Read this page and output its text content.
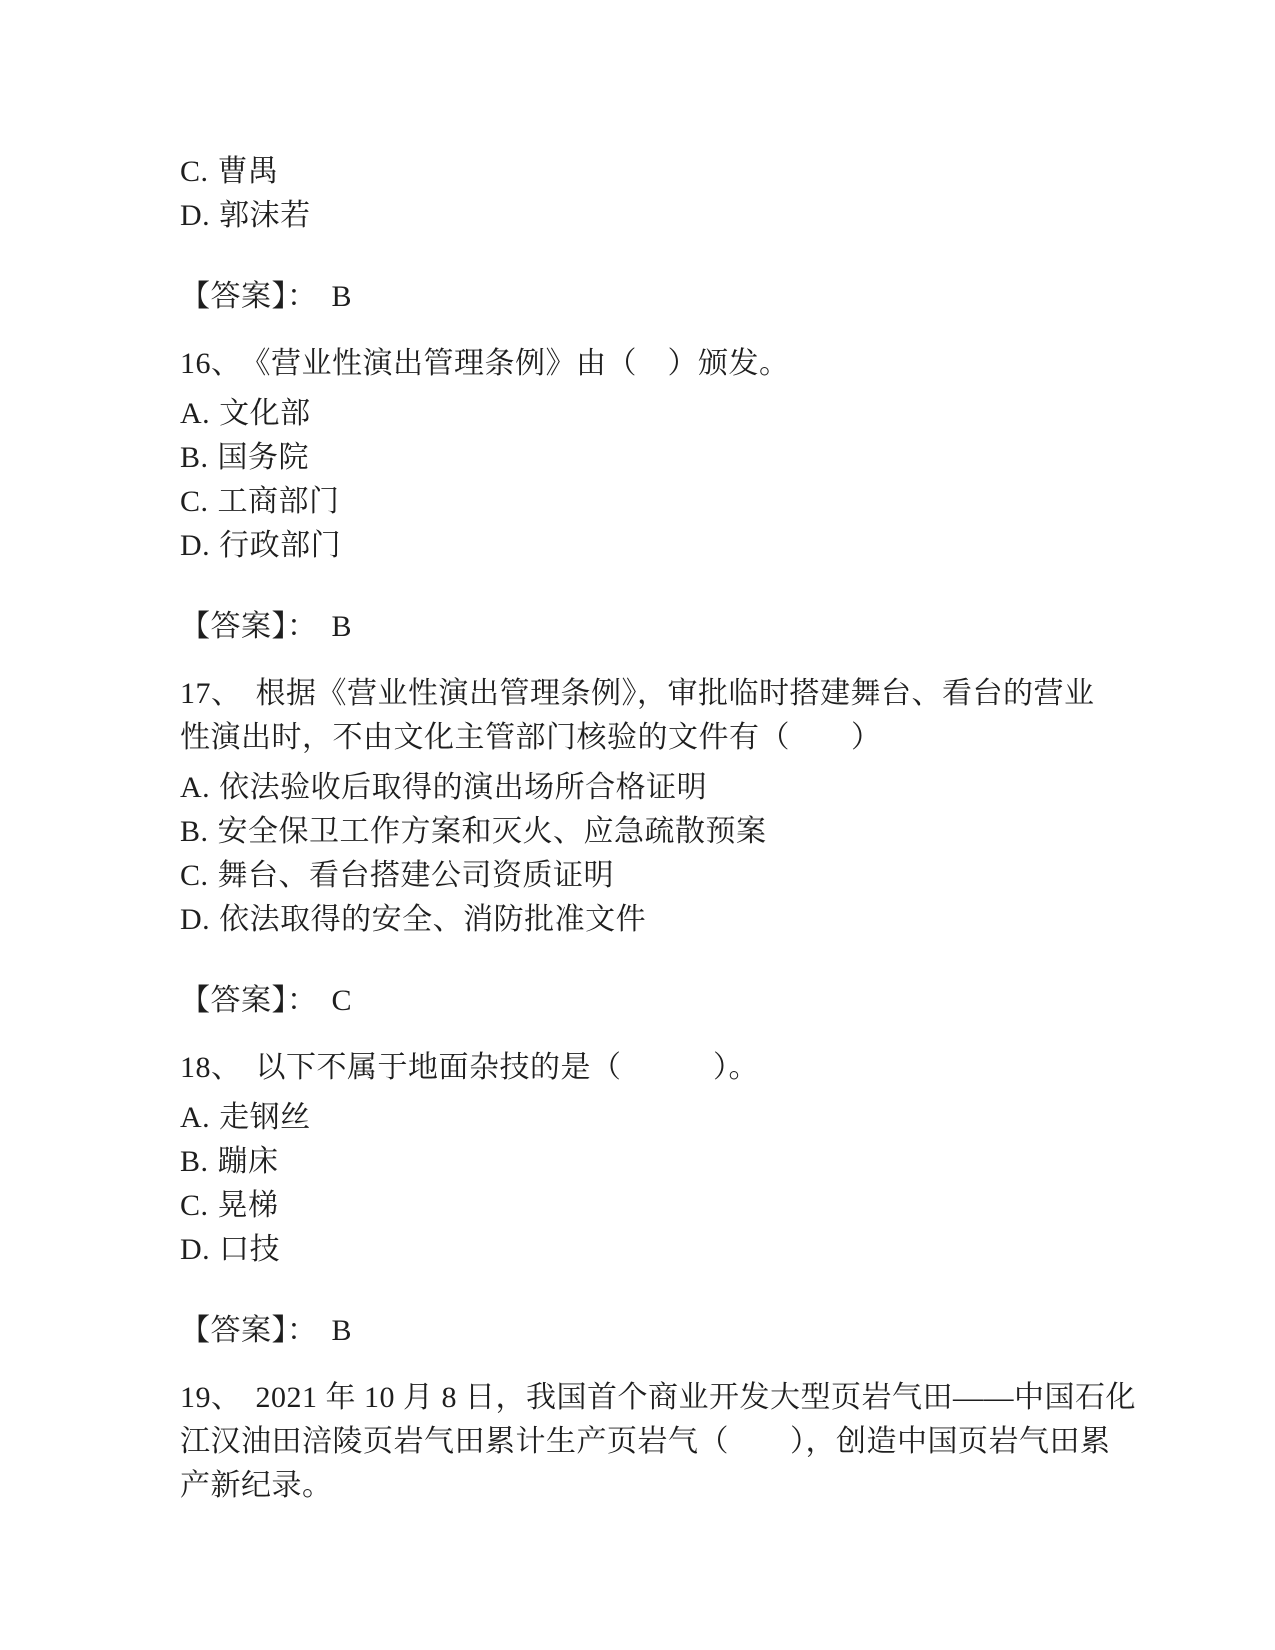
C. 曹禺
D. 郭沫若
【答案】： B
16、 《营业性演出管理条例》由（　）颁发。
A. 文化部
B. 国务院
C. 工商部门
D. 行政部门
【答案】： B
17、 根据《营业性演出管理条例》，审批临时搭建舞台、看台的营业
性演出时，不由文化主管部门核验的文件有（　　）
A. 依法验收后取得的演出场所合格证明
B. 安全保卫工作方案和灭火、应急疏散预案
C. 舞台、看台搭建公司资质证明
D. 依法取得的安全、消防批准文件
【答案】： C
18、 以下不属于地面杂技的是（　　　）。
A. 走钢丝
B. 蹦床
C. 晃梯
D. 口技
【答案】： B
19、 2021 年 10 月 8 日，我国首个商业开发大型页岩气田——中国石化
江汉油田涪陵页岩气田累计生产页岩气（　　），创造中国页岩气田累
产新纪录。
